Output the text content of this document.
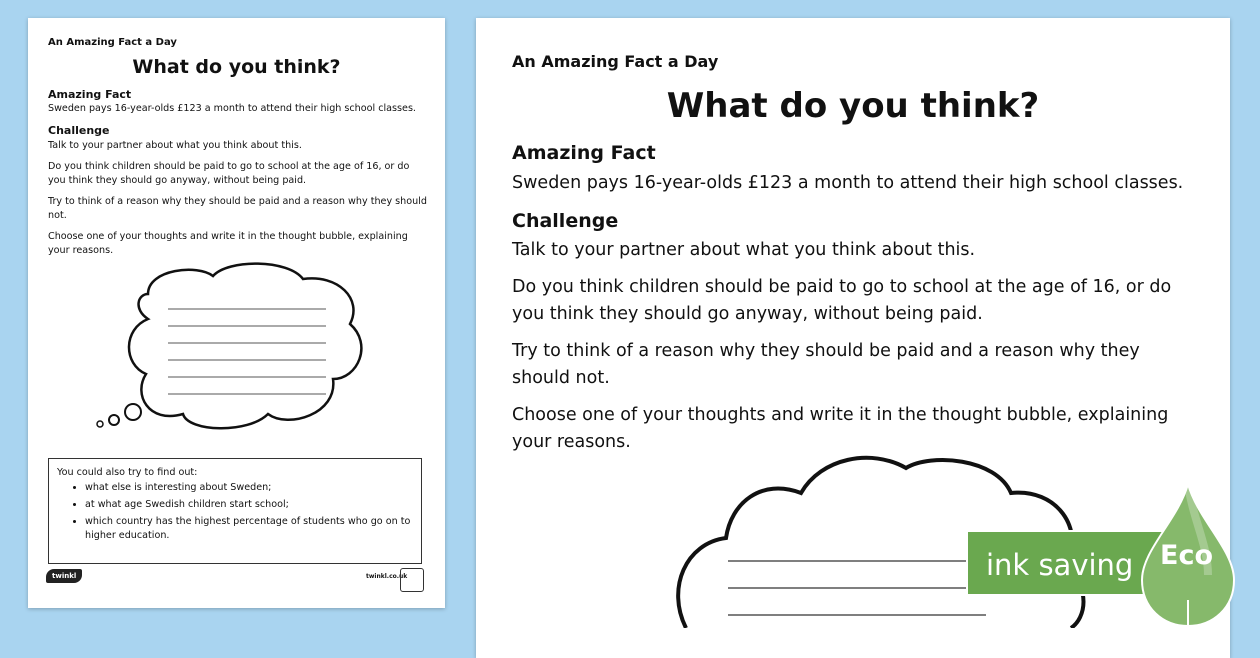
An Amazing Fact a Day
What do you think?
Amazing Fact
Sweden pays 16-year-olds £123 a month to attend their high school classes.
Challenge
Talk to your partner about what you think about this.
Do you think children should be paid to go to school at the age of 16, or do you think they should go anyway, without being paid.
Try to think of a reason why they should be paid and a reason why they should not.
Choose one of your thoughts and write it in the thought bubble, explaining your reasons.
You could also try to find out:
• what else is interesting about Sweden;
• at what age Swedish children start school;
• which country has the highest percentage of students who go on to higher education.
twinkl	twinkl.co.uk
An Amazing Fact a Day
What do you think?
Amazing Fact
Sweden pays 16-year-olds £123 a month to attend their high school classes.
Challenge
Talk to your partner about what you think about this.
Do you think children should be paid to go to school at the age of 16, or do you think they should go anyway, without being paid.
Try to think of a reason why they should be paid and a reason why they should not.
Choose one of your thoughts and write it in the thought bubble, explaining your reasons.
ink saving Eco
